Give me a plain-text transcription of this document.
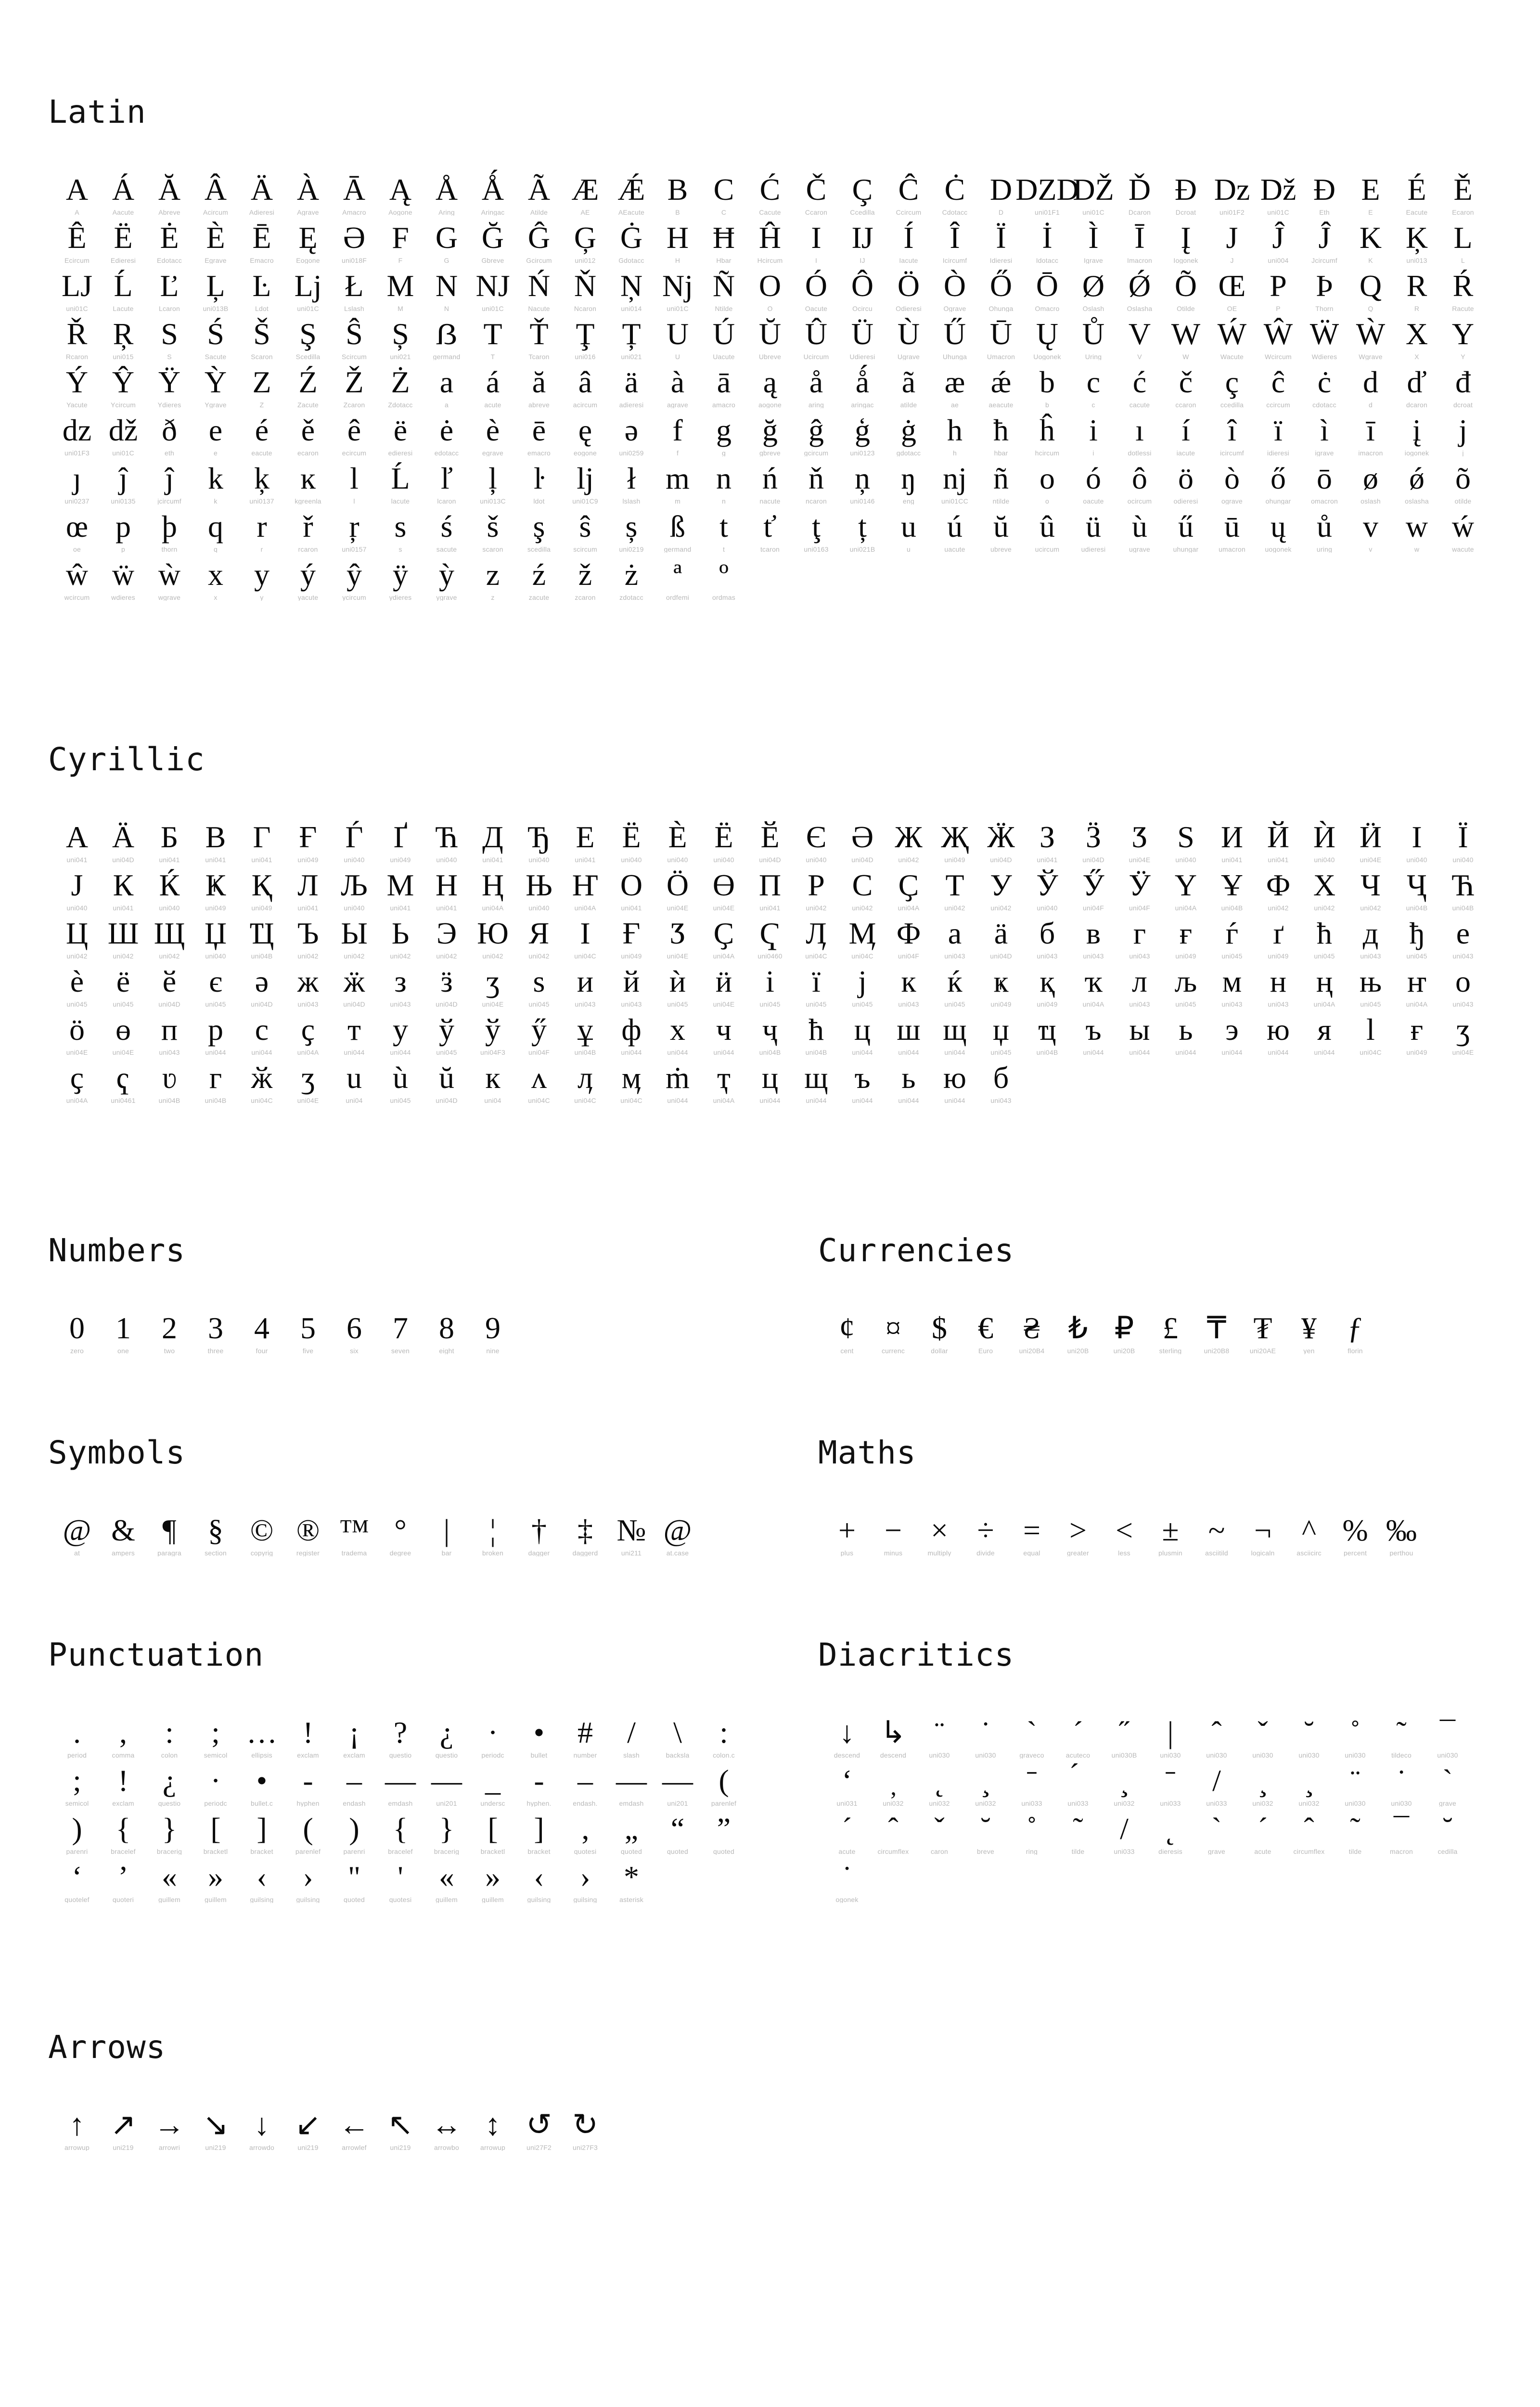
Latin
A
A
Á
Aacute
Ă
Abreve
Â
Acircum
Ä
Adieresi
À
Agrave
Ā
Amacro
Ą
Aogone
Å
Aring
Ǻ
Aringac
Ã
Atilde
Æ
AE
Ǽ
AEacute
B
B
C
C
Ć
Cacute
Č
Ccaron
Ç
Ccedilla
Ĉ
Ccircum
Ċ
Cdotacc
D
D
ǱD
uni01F1
Ǆ
uni01C
Ď
Dcaron
Đ
Dcroat
ǲ
uni01F2
ǅ
uni01C
Ð
Eth
E
E
É
Eacute
Ě
Ecaron
Ê
Ecircum
Ë
Edieresi
Ė
Edotacc
È
Egrave
Ē
Emacro
Ę
Eogone
Ə
uni018F
F
F
G
G
Ğ
Gbreve
Ĝ
Gcircum
Ģ
uni012
Ġ
Gdotacc
H
H
Ħ
Hbar
Ĥ
Hcircum
I
I
Ĳ
IJ
Í
Iacute
Î
Icircumf
Ï
Idieresi
İ
Idotacc
Ì
Igrave
Ī
Imacron
Į
Iogonek
J
J
Ĵ
uni004
Ĵ
Jcircumf
K
K
Ķ
uni013
L
L
Ǉ
uni01C
Ĺ
Lacute
Ľ
Lcaron
Ļ
uni013B
Ŀ
Ldot
ǈ
uni01C
Ł
Lslash
M
M
N
N
Ǌ
uni01C
Ń
Nacute
Ň
Ncaron
Ņ
uni014
ǋ
uni01C
Ñ
Ntilde
O
O
Ó
Oacute
Ô
Ocircu
Ö
Odieresi
Ò
Ograve
Ő
Ohunga
Ō
Omacro
Ø
Oslash
Ǿ
Oslasha
Õ
Otilde
Œ
OE
P
P
Þ
Thorn
Q
Q
R
R
Ŕ
Racute
Ř
Rcaron
Ŗ
uni015
S
S
Ś
Sacute
Š
Scaron
Ş
Scedilla
Ŝ
Scircum
Ș
uni021
ẞ
germand
T
T
Ť
Tcaron
Ţ
uni016
Ț
uni021
U
U
Ú
Uacute
Ŭ
Ubreve
Û
Ucircum
Ü
Udieresi
Ù
Ugrave
Ű
Uhunga
Ū
Umacron
Ų
Uogonek
Ů
Uring
V
V
W
W
Ẃ
Wacute
Ŵ
Wcircum
Ẅ
Wdieres
Ẁ
Wgrave
X
X
Y
Y
Ý
Yacute
Ŷ
Ycircum
Ÿ
Ydieres
Ỳ
Ygrave
Z
Z
Ź
Zacute
Ž
Zcaron
Ż
Zdotacc
a
a
á
acute
ă
abreve
â
acircum
ä
adieresi
à
agrave
ā
amacro
ą
aogone
å
aring
ǻ
aringac
ã
atilde
æ
ae
ǽ
aeacute
b
b
c
c
ć
cacute
č
ccaron
ç
ccedilla
ĉ
ccircum
ċ
cdotacc
d
d
ď
dcaron
đ
dcroat
ǳ
uni01F3
ǆ
uni01C
ð
eth
e
e
é
eacute
ě
ecaron
ê
ecircum
ë
edieresi
ė
edotacc
è
egrave
ē
emacro
ę
eogone
ə
uni0259
f
f
g
g
ğ
gbreve
ĝ
gcircum
ģ
uni0123
ġ
gdotacc
h
h
ħ
hbar
ĥ
hcircum
i
i
ı
dotlessi
í
iacute
î
icircumf
ï
idieresi
ì
igrave
ī
imacron
į
iogonek
j
j
ȷ
uni0237
ĵ
uni0135
ĵ
jcircumf
k
k
ķ
uni0137
ĸ
kgreenla
l
l
Ĺ
lacute
ľ
lcaron
ļ
uni013C
ŀ
ldot
ǉ
uni01C9
ł
lslash
m
m
n
n
ń
nacute
ň
ncaron
ņ
uni0146
ŋ
eng
ǌ
uni01CC
ñ
ntilde
o
o
ó
oacute
ô
ocircum
ö
odieresi
ò
ograve
ő
ohungar
ō
omacron
ø
oslash
ǿ
oslasha
õ
otilde
œ
oe
p
p
þ
thorn
q
q
r
r
ř
rcaron
ŗ
uni0157
s
s
ś
sacute
š
scaron
ş
scedilla
ŝ
scircum
ș
uni0219
ß
germand
t
t
ť
tcaron
ţ
uni0163
ț
uni021B
u
u
ú
uacute
ŭ
ubreve
û
ucircum
ü
udieresi
ù
ugrave
ű
uhungar
ū
umacron
ų
uogonek
ů
uring
v
v
w
w
ẃ
wacute
ŵ
wcircum
ẅ
wdieres
ẁ
wgrave
x
x
y
y
ý
yacute
ŷ
ycircum
ÿ
ydieres
ỳ
ygrave
z
z
ź
zacute
ž
zcaron
ż
zdotacc
ª
ordfemi
º
ordmas
Cyrillic
A
uni041
Ӓ
uni04D
Б
uni041
В
uni041
Г
uni041
Ғ
uni049
Ѓ
uni040
Ґ
uni049
Ћ
uni040
Д
uni041
Ђ
uni040
Е
uni041
Ё
uni040
È
uni040
Ë
uni040
Ӗ
uni04D
Є
uni040
Ә
uni04D
Ж
uni042
Җ
uni049
Ӝ
uni04D
З
uni041
Ӟ
uni04D
Ӡ
uni04E
Ѕ
uni040
И
uni041
Й
uni041
Ѝ
uni040
Ӥ
uni04E
І
uni040
Ї
uni040
Ј
uni040
К
uni041
Ќ
uni040
Ҝ
uni049
Қ
uni049
Л
uni041
Љ
uni040
М
uni041
Н
uni041
Ң
uni04A
Њ
uni040
Ҥ
uni04A
О
uni041
Ӧ
uni04E
Ө
uni04E
П
uni041
Р
uni042
С
uni042
Ҫ
uni04A
Т
uni042
У
uni042
Ў
uni040
Ӳ
uni04F
Ӱ
uni04F
Ү
uni04A
Ұ
uni04B
Ф
uni042
Х
uni042
Ч
uni042
Ҷ
uni04B
Ћ
uni04B
Ц
uni042
Ш
uni042
Щ
uni042
Џ
uni040
Ҵ
uni04B
Ъ
uni042
Ы
uni042
Ь
uni042
Э
uni042
Ю
uni042
Я
uni042
Ӏ
uni04C
Ғ
uni049
Ӡ
uni04E
Ҫ
uni04A
Ҁ
uni0460
Ӆ
uni04C
Ӎ
uni04C
Ф
uni04F
а
uni043
ӓ
uni04D
б
uni043
в
uni043
г
uni043
ғ
uni049
ѓ
uni045
ґ
uni049
ћ
uni045
д
uni043
ђ
uni045
е
uni043
è
uni045
ё
uni045
ӗ
uni04D
є
uni045
ә
uni04D
ж
uni043
ӝ
uni04D
з
uni043
ӟ
uni04D
ӡ
uni04E
ѕ
uni045
и
uni043
й
uni043
ѝ
uni045
ӥ
uni04E
і
uni045
ї
uni045
ј
uni045
к
uni043
ќ
uni045
ҝ
uni049
қ
uni049
ҡ
uni04A
л
uni043
љ
uni045
м
uni043
н
uni043
ң
uni04A
њ
uni045
ҥ
uni04A
о
uni043
ӧ
uni04E
ө
uni04E
п
uni043
р
uni044
с
uni044
ҫ
uni04A
т
uni044
у
uni044
ў
uni045
ў
uni04F3
ӳ
uni04F
ұ
uni04B
ф
uni044
х
uni044
ч
uni044
ҷ
uni04B
ћ
uni04B
ц
uni044
ш
uni044
щ
uni044
џ
uni045
ҵ
uni04B
ъ
uni044
ы
uni044
ь
uni044
э
uni044
ю
uni044
я
uni044
ӏ
uni04C
ғ
uni049
ӡ
uni04E
ҫ
uni04A
ҁ
uni0461
ʋ
uni04B
г
uni04B
ӂ
uni04C
ӡ
uni04E
u
uni04
ù
uni045
ŭ
uni04D
к
uni04
ʌ
uni04C
ӆ
uni04C
ӎ
uni04C
ṁ
uni044
ҭ
uni04A
ц
uni044
щ
uni044
ъ
uni044
ь
uni044
ю
uni044
б
uni043
Numbers
0
zero
1
one
2
two
3
three
4
four
5
five
6
six
7
seven
8
eight
9
nine
Currencies
¢
cent
¤
currenc
$
dollar
€
Euro
₴
uni20B4
₺
uni20B
₽
uni20B
£
sterling
₸
uni20B8
₮
uni20AE
¥
yen
ƒ
florin
Symbols
@
at
&
ampers
¶
paragra
§
section
©
copyrig
®
register
™
trademа
°
degree
|
bar
¦
broken
†
dagger
‡
daggerd
№
uni211
@
at.case
Maths
+
plus
−
minus
×
multiply
÷
divide
=
equal
>
greater
<
less
±
plusmin
~
asciitild
¬
logicaln
^
asciicirc
%
percent
‰
perthou
Punctuation
.
period
,
comma
:
colon
;
semicol
…
ellipsis
!
exclam
¡
exclam
?
questio
¿
questio
·
periodc
•
bullet
#
number
/
slash
\
backsla
:
colon.c
;
semicol
!
exclam
¿
questio
·
periodc
•
bullet.c
-
hyphen
–
endash
—
emdash
―
uni201
_
undersc
-
hyphen.
–
endash.
—
emdash
―
uni201
(
parenlef
)
parenri
{
bracelef
}
bracerig
[
bracketl
]
bracket
(
parenlef
)
parenri
{
bracelef
}
bracerig
[
bracketl
]
bracket
‚
quotesi
„
quoted
“
quoted
”
quoted
‘
quotelef
’
quoteri
«
guillem
»
guillem
‹
guilsing
›
guilsing
"
quoted
'
quotesi
«
guillem
»
guillem
‹
guilsing
›
guilsing
*
asterisk
Diacritics
↓
descend
↳
descend
¨
uni030
˙
uni030
`
graveco
´
acuteco
˝
uni030B
|
uni030
ˆ
uni030
ˇ
uni030
˘
uni030
˚
uni030
˜
tildeco
¯
uni030
‘
uni031	uni032	uni032	uni032	uni033	uni033	uni032	uni033
/
uni033	uni032	uni032
¨
uni030
˙
uni030
`
grave
´
acute
ˆ
circumflex
ˇ
caron
˘
breve
˚
ring
˜
tilde
/
uni033
˛
dieresis
`
grave
´
acute
ˆ
circumflex
˜
tilde
¯
macron
˘
cedilla
˙
ogonek
Arrows
↑
arrowup
↗
uni219
→
arrowri
↘
uni219
↓
arrowdo
↙
uni219
←
arrowlef
↖
uni219
↔
arrowbo
↕
arrowup
↺
uni27F2
↻
uni27F3
